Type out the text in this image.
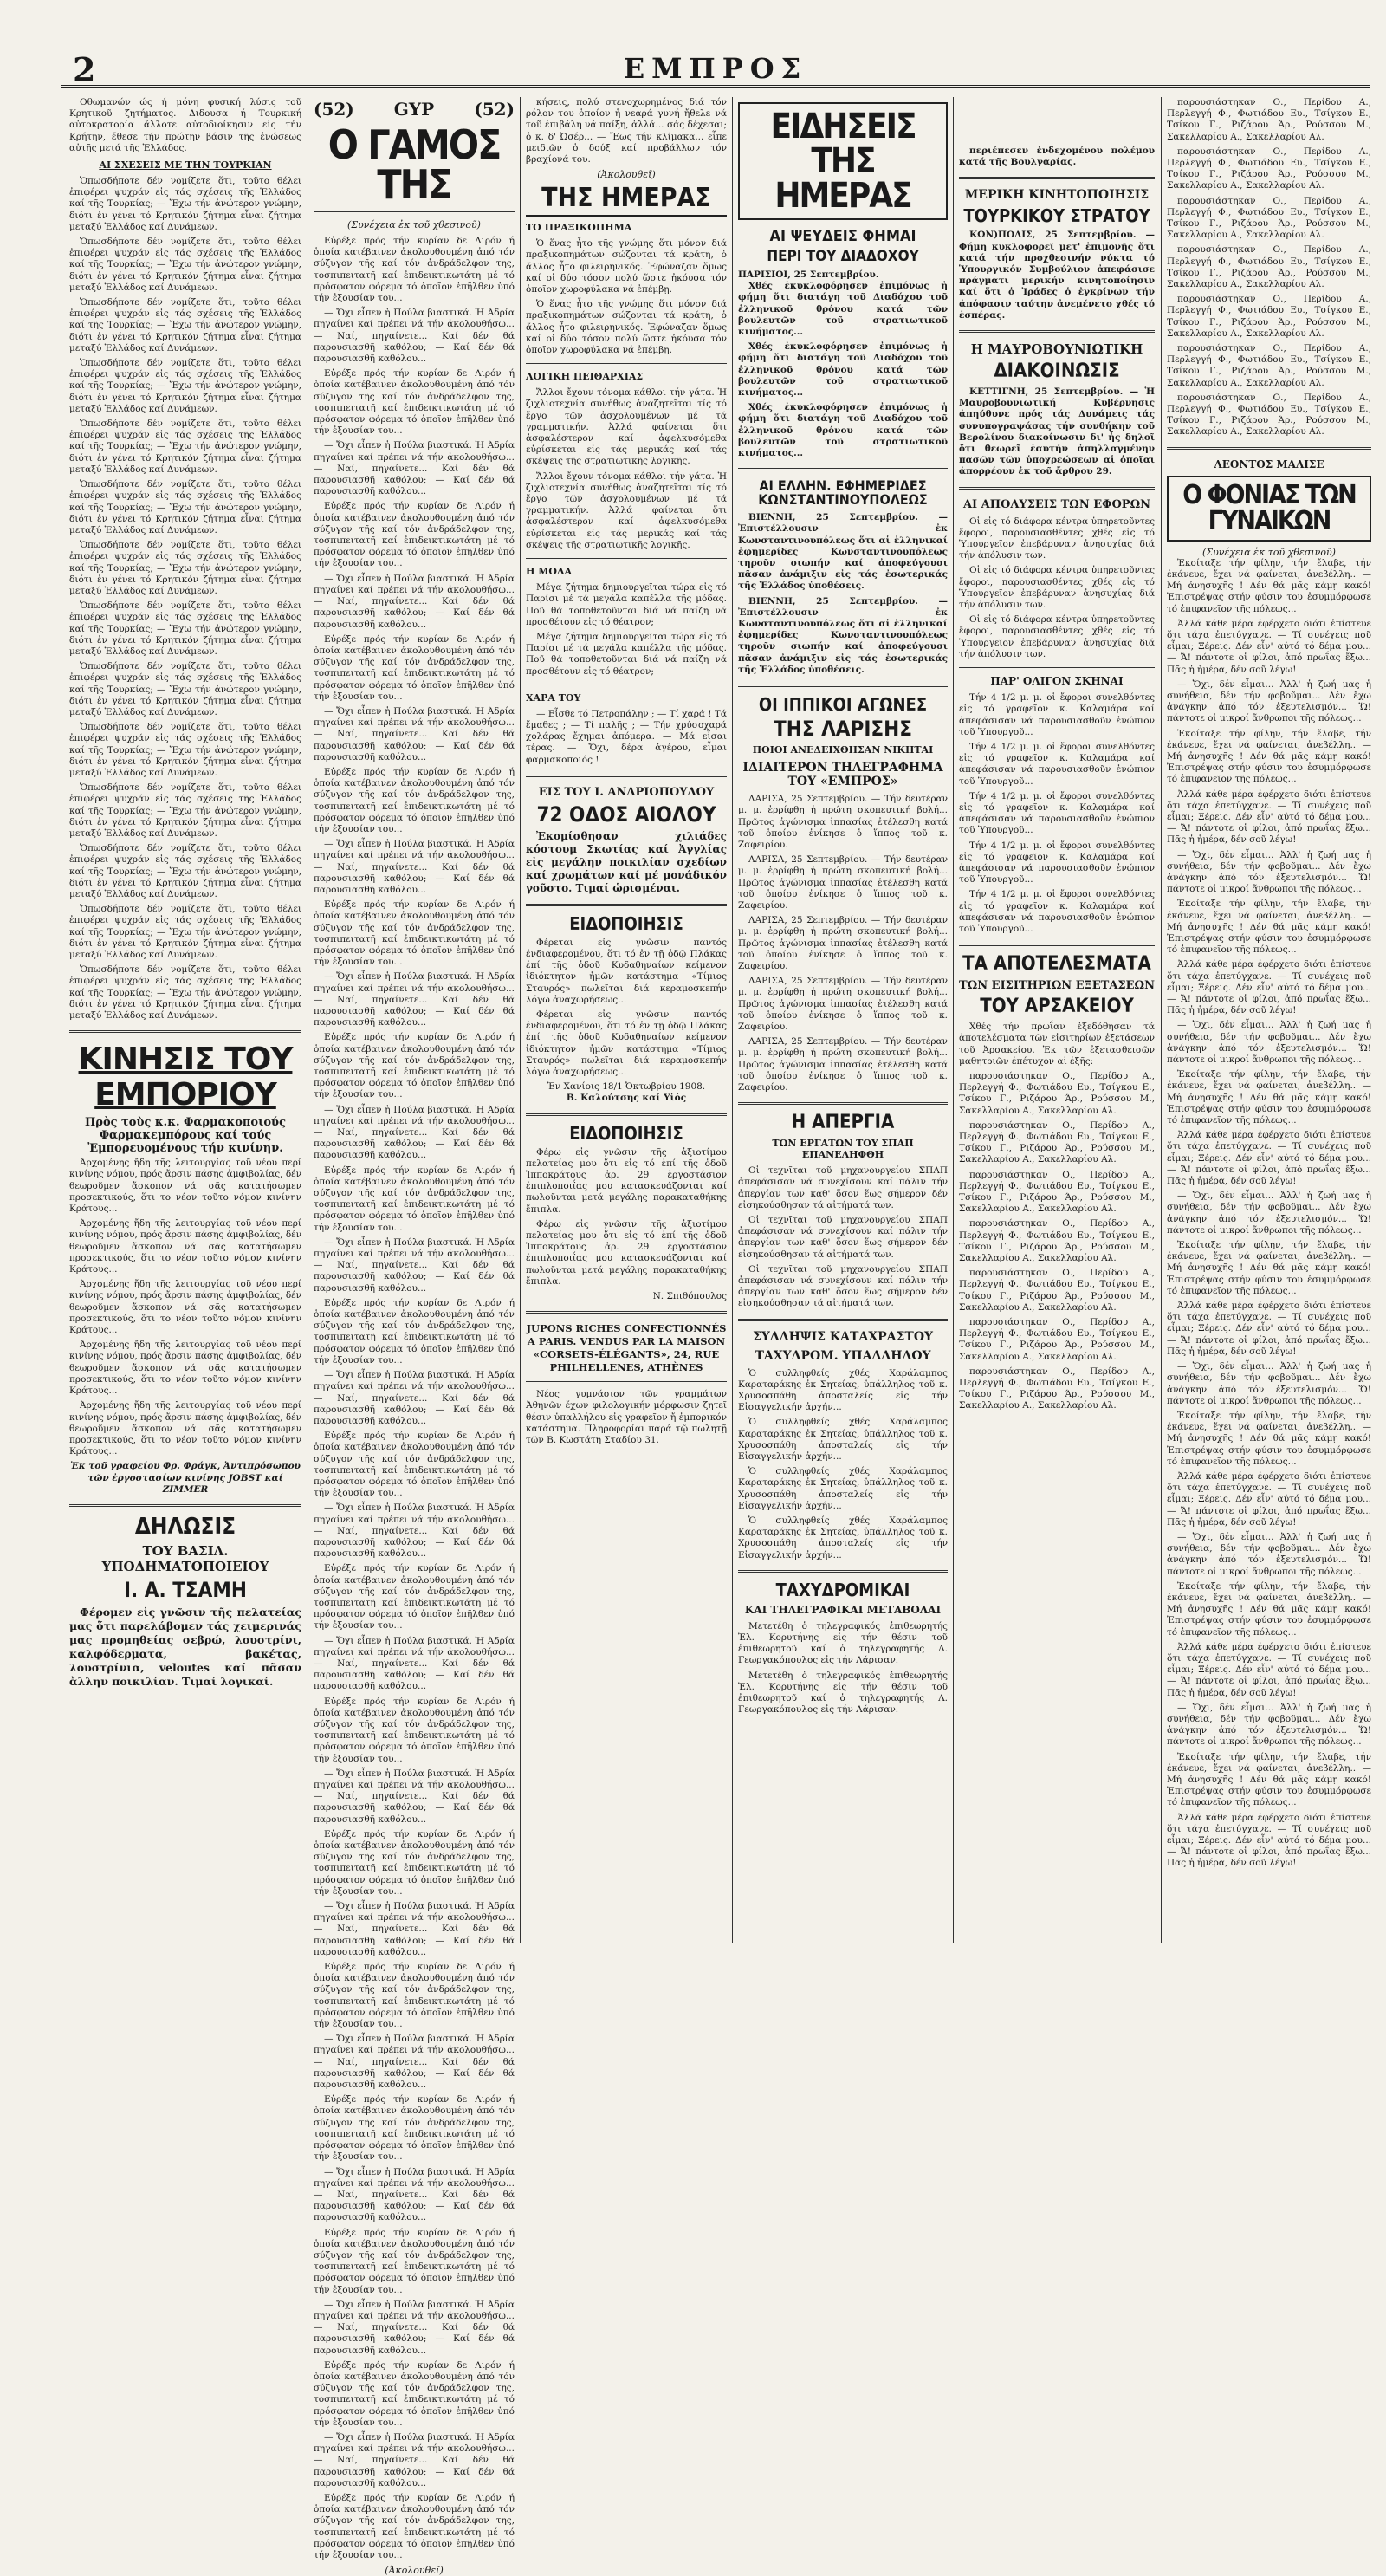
2	ΕΜΠΡΟΣ

Οθωμανών ώς ή μόνη φυσική λύσις τοῦ Κρητικοῦ ζητήματος. Διδουσα ή Τουρκική αὐτοκρατορία ἄλλοτε αὐτοδιοίκησιν εἰς τήν Κρήτην, ἔθεσε τήν πρώτην βάσιν τῆς ἑνώσεως αὐτῆς μετά τῆς Ἑλλάδος.

ΑΙ ΣΧΕΣΕΙΣ ΜΕ ΤΗΝ ΤΟΥΡΚΙΑΝ

Ὁπωσδήποτε δέν νομίζετε ὅτι, τοῦτο θέλει ἐπιφέρει ψυχράν εἰς τάς σχέσεις τῆς Ἑλλάδος καί τῆς Τουρκίας; — Ἔχω τήν ἀνώτερον γνώμην, διότι ἐν γένει τό Κρητικόν ζήτημα εἶναι ζήτημα μεταξύ Ἑλλάδος καί Δυνάμεων.

Ὁπωσδήποτε δέν νομίζετε ὅτι, τοῦτο θέλει ἐπιφέρει ψυχράν εἰς τάς σχέσεις τῆς Ἑλλάδος καί τῆς Τουρκίας; — Ἔχω τήν ἀνώτερον γνώμην, διότι ἐν γένει τό Κρητικόν ζήτημα εἶναι ζήτημα μεταξύ Ἑλλάδος καί Δυνάμεων.

Ὁπωσδήποτε δέν νομίζετε ὅτι, τοῦτο θέλει ἐπιφέρει ψυχράν εἰς τάς σχέσεις τῆς Ἑλλάδος καί τῆς Τουρκίας; — Ἔχω τήν ἀνώτερον γνώμην, διότι ἐν γένει τό Κρητικόν ζήτημα εἶναι ζήτημα μεταξύ Ἑλλάδος καί Δυνάμεων.

Ὁπωσδήποτε δέν νομίζετε ὅτι, τοῦτο θέλει ἐπιφέρει ψυχράν εἰς τάς σχέσεις τῆς Ἑλλάδος καί τῆς Τουρκίας; — Ἔχω τήν ἀνώτερον γνώμην, διότι ἐν γένει τό Κρητικόν ζήτημα εἶναι ζήτημα μεταξύ Ἑλλάδος καί Δυνάμεων.

Ὁπωσδήποτε δέν νομίζετε ὅτι, τοῦτο θέλει ἐπιφέρει ψυχράν εἰς τάς σχέσεις τῆς Ἑλλάδος καί τῆς Τουρκίας; — Ἔχω τήν ἀνώτερον γνώμην, διότι ἐν γένει τό Κρητικόν ζήτημα εἶναι ζήτημα μεταξύ Ἑλλάδος καί Δυνάμεων.

Ὁπωσδήποτε δέν νομίζετε ὅτι, τοῦτο θέλει ἐπιφέρει ψυχράν εἰς τάς σχέσεις τῆς Ἑλλάδος καί τῆς Τουρκίας; — Ἔχω τήν ἀνώτερον γνώμην, διότι ἐν γένει τό Κρητικόν ζήτημα εἶναι ζήτημα μεταξύ Ἑλλάδος καί Δυνάμεων.

Ὁπωσδήποτε δέν νομίζετε ὅτι, τοῦτο θέλει ἐπιφέρει ψυχράν εἰς τάς σχέσεις τῆς Ἑλλάδος καί τῆς Τουρκίας; — Ἔχω τήν ἀνώτερον γνώμην, διότι ἐν γένει τό Κρητικόν ζήτημα εἶναι ζήτημα μεταξύ Ἑλλάδος καί Δυνάμεων.

Ὁπωσδήποτε δέν νομίζετε ὅτι, τοῦτο θέλει ἐπιφέρει ψυχράν εἰς τάς σχέσεις τῆς Ἑλλάδος καί τῆς Τουρκίας; — Ἔχω τήν ἀνώτερον γνώμην, διότι ἐν γένει τό Κρητικόν ζήτημα εἶναι ζήτημα μεταξύ Ἑλλάδος καί Δυνάμεων.

Ὁπωσδήποτε δέν νομίζετε ὅτι, τοῦτο θέλει ἐπιφέρει ψυχράν εἰς τάς σχέσεις τῆς Ἑλλάδος καί τῆς Τουρκίας; — Ἔχω τήν ἀνώτερον γνώμην, διότι ἐν γένει τό Κρητικόν ζήτημα εἶναι ζήτημα μεταξύ Ἑλλάδος καί Δυνάμεων.

Ὁπωσδήποτε δέν νομίζετε ὅτι, τοῦτο θέλει ἐπιφέρει ψυχράν εἰς τάς σχέσεις τῆς Ἑλλάδος καί τῆς Τουρκίας; — Ἔχω τήν ἀνώτερον γνώμην, διότι ἐν γένει τό Κρητικόν ζήτημα εἶναι ζήτημα μεταξύ Ἑλλάδος καί Δυνάμεων.

Ὁπωσδήποτε δέν νομίζετε ὅτι, τοῦτο θέλει ἐπιφέρει ψυχράν εἰς τάς σχέσεις τῆς Ἑλλάδος καί τῆς Τουρκίας; — Ἔχω τήν ἀνώτερον γνώμην, διότι ἐν γένει τό Κρητικόν ζήτημα εἶναι ζήτημα μεταξύ Ἑλλάδος καί Δυνάμεων.

Ὁπωσδήποτε δέν νομίζετε ὅτι, τοῦτο θέλει ἐπιφέρει ψυχράν εἰς τάς σχέσεις τῆς Ἑλλάδος καί τῆς Τουρκίας; — Ἔχω τήν ἀνώτερον γνώμην, διότι ἐν γένει τό Κρητικόν ζήτημα εἶναι ζήτημα μεταξύ Ἑλλάδος καί Δυνάμεων.

Ὁπωσδήποτε δέν νομίζετε ὅτι, τοῦτο θέλει ἐπιφέρει ψυχράν εἰς τάς σχέσεις τῆς Ἑλλάδος καί τῆς Τουρκίας; — Ἔχω τήν ἀνώτερον γνώμην, διότι ἐν γένει τό Κρητικόν ζήτημα εἶναι ζήτημα μεταξύ Ἑλλάδος καί Δυνάμεων.

Ὁπωσδήποτε δέν νομίζετε ὅτι, τοῦτο θέλει ἐπιφέρει ψυχράν εἰς τάς σχέσεις τῆς Ἑλλάδος καί τῆς Τουρκίας; — Ἔχω τήν ἀνώτερον γνώμην, διότι ἐν γένει τό Κρητικόν ζήτημα εἶναι ζήτημα μεταξύ Ἑλλάδος καί Δυνάμεων.

ΚΙΝΗΣΙΣ ΤΟΥ ΕΜΠΟΡΙΟΥ
Πρὸς τοὺς κ.κ. Φαρμακοποιούς Φαρμακεμπόρους καί τούς Ἐμπορευομένους τήν κινίνην.

Ἀρχομένης ἤδη τῆς λειτουργίας τοῦ νέου περί κινίνης νόμου, πρός ἄρσιν πάσης ἀμφιβολίας, δέν θεωροῦμεν ἄσκοπον νά σᾶς κατατήσωμεν προσεκτικούς, ὅτι το νέον τοῦτο νόμον κινίνην Κράτους...

Ἀρχομένης ἤδη τῆς λειτουργίας τοῦ νέου περί κινίνης νόμου, πρός ἄρσιν πάσης ἀμφιβολίας, δέν θεωροῦμεν ἄσκοπον νά σᾶς κατατήσωμεν προσεκτικούς, ὅτι το νέον τοῦτο νόμον κινίνην Κράτους...

Ἀρχομένης ἤδη τῆς λειτουργίας τοῦ νέου περί κινίνης νόμου, πρός ἄρσιν πάσης ἀμφιβολίας, δέν θεωροῦμεν ἄσκοπον νά σᾶς κατατήσωμεν προσεκτικούς, ὅτι το νέον τοῦτο νόμον κινίνην Κράτους...

Ἀρχομένης ἤδη τῆς λειτουργίας τοῦ νέου περί κινίνης νόμου, πρός ἄρσιν πάσης ἀμφιβολίας, δέν θεωροῦμεν ἄσκοπον νά σᾶς κατατήσωμεν προσεκτικούς, ὅτι το νέον τοῦτο νόμον κινίνην Κράτους...

Ἀρχομένης ἤδη τῆς λειτουργίας τοῦ νέου περί κινίνης νόμου, πρός ἄρσιν πάσης ἀμφιβολίας, δέν θεωροῦμεν ἄσκοπον νά σᾶς κατατήσωμεν προσεκτικούς, ὅτι το νέον τοῦτο νόμον κινίνην Κράτους...

Ἐκ τοῦ γραφείου Φρ. Φράγκ, Ἀντιπρόσωπου τῶν ἐργοστασίων κινίνης JOBST καί ZIMMER
ΔΗΛΩΣΙΣ
ΤΟΥ ΒΑΣΙΛ. ΥΠΟΔΗΜΑΤΟΠΟΙΕΙΟΥ
Ι. Α. ΤΣΑΜΗ

Φέρομεν εἰς γνῶσιν τῆς πελατείας μας ὅτι παρελάβομεν τάς χειμερινάς μας προμηθείας σεβρώ, λουστρίνι, καλφόδερματα, βακέτας, λουστρίνια, veloutes καί πᾶσαν ἄλλην ποικιλίαν. Τιμαί λογικαί.

(52) GYP (52)
Ο ΓΑΜΟΣ ΤΗΣ
(Συνέχεια ἐκ τοῦ χθεσινοῦ)

Εὑρέξε πρός τήν κυρίαν δε Λιρόν ή ὁποία κατέβαινεν ἀκολουθουμένη ἀπό τόν σύζυγον τῆς καί τόν ἀνδράδελφον της, τοσπιπειτατῆ καί ἐπιδεικτικωτάτη μέ τό πρόσφατον φόρεμα τό ὁποῖον ἐπῆλθεν ὑπό τήν ἐξουσίαν του...

— Ὄχι εἶπεν ἡ Πούλα βιαστικά. Ἡ Ἀδρία πηγαίνει καί πρέπει νά τήν ἀκολουθήσω... — Ναί, πηγαίνετε... Καί δέν θά παρουσιασθῆ καθόλου; — Καί δέν θά παρουσιασθῆ καθόλου...

Εὑρέξε πρός τήν κυρίαν δε Λιρόν ή ὁποία κατέβαινεν ἀκολουθουμένη ἀπό τόν σύζυγον τῆς καί τόν ἀνδράδελφον της, τοσπιπειτατῆ καί ἐπιδεικτικωτάτη μέ τό πρόσφατον φόρεμα τό ὁποῖον ἐπῆλθεν ὑπό τήν ἐξουσίαν του...

— Ὄχι εἶπεν ἡ Πούλα βιαστικά. Ἡ Ἀδρία πηγαίνει καί πρέπει νά τήν ἀκολουθήσω... — Ναί, πηγαίνετε... Καί δέν θά παρουσιασθῆ καθόλου; — Καί δέν θά παρουσιασθῆ καθόλου...

Εὑρέξε πρός τήν κυρίαν δε Λιρόν ή ὁποία κατέβαινεν ἀκολουθουμένη ἀπό τόν σύζυγον τῆς καί τόν ἀνδράδελφον της, τοσπιπειτατῆ καί ἐπιδεικτικωτάτη μέ τό πρόσφατον φόρεμα τό ὁποῖον ἐπῆλθεν ὑπό τήν ἐξουσίαν του...

— Ὄχι εἶπεν ἡ Πούλα βιαστικά. Ἡ Ἀδρία πηγαίνει καί πρέπει νά τήν ἀκολουθήσω... — Ναί, πηγαίνετε... Καί δέν θά παρουσιασθῆ καθόλου; — Καί δέν θά παρουσιασθῆ καθόλου...

Εὑρέξε πρός τήν κυρίαν δε Λιρόν ή ὁποία κατέβαινεν ἀκολουθουμένη ἀπό τόν σύζυγον τῆς καί τόν ἀνδράδελφον της, τοσπιπειτατῆ καί ἐπιδεικτικωτάτη μέ τό πρόσφατον φόρεμα τό ὁποῖον ἐπῆλθεν ὑπό τήν ἐξουσίαν του...

— Ὄχι εἶπεν ἡ Πούλα βιαστικά. Ἡ Ἀδρία πηγαίνει καί πρέπει νά τήν ἀκολουθήσω... — Ναί, πηγαίνετε... Καί δέν θά παρουσιασθῆ καθόλου; — Καί δέν θά παρουσιασθῆ καθόλου...

Εὑρέξε πρός τήν κυρίαν δε Λιρόν ή ὁποία κατέβαινεν ἀκολουθουμένη ἀπό τόν σύζυγον τῆς καί τόν ἀνδράδελφον της, τοσπιπειτατῆ καί ἐπιδεικτικωτάτη μέ τό πρόσφατον φόρεμα τό ὁποῖον ἐπῆλθεν ὑπό τήν ἐξουσίαν του...

— Ὄχι εἶπεν ἡ Πούλα βιαστικά. Ἡ Ἀδρία πηγαίνει καί πρέπει νά τήν ἀκολουθήσω... — Ναί, πηγαίνετε... Καί δέν θά παρουσιασθῆ καθόλου; — Καί δέν θά παρουσιασθῆ καθόλου...

Εὑρέξε πρός τήν κυρίαν δε Λιρόν ή ὁποία κατέβαινεν ἀκολουθουμένη ἀπό τόν σύζυγον τῆς καί τόν ἀνδράδελφον της, τοσπιπειτατῆ καί ἐπιδεικτικωτάτη μέ τό πρόσφατον φόρεμα τό ὁποῖον ἐπῆλθεν ὑπό τήν ἐξουσίαν του...

— Ὄχι εἶπεν ἡ Πούλα βιαστικά. Ἡ Ἀδρία πηγαίνει καί πρέπει νά τήν ἀκολουθήσω... — Ναί, πηγαίνετε... Καί δέν θά παρουσιασθῆ καθόλου; — Καί δέν θά παρουσιασθῆ καθόλου...

Εὑρέξε πρός τήν κυρίαν δε Λιρόν ή ὁποία κατέβαινεν ἀκολουθουμένη ἀπό τόν σύζυγον τῆς καί τόν ἀνδράδελφον της, τοσπιπειτατῆ καί ἐπιδεικτικωτάτη μέ τό πρόσφατον φόρεμα τό ὁποῖον ἐπῆλθεν ὑπό τήν ἐξουσίαν του...

— Ὄχι εἶπεν ἡ Πούλα βιαστικά. Ἡ Ἀδρία πηγαίνει καί πρέπει νά τήν ἀκολουθήσω... — Ναί, πηγαίνετε... Καί δέν θά παρουσιασθῆ καθόλου; — Καί δέν θά παρουσιασθῆ καθόλου...

Εὑρέξε πρός τήν κυρίαν δε Λιρόν ή ὁποία κατέβαινεν ἀκολουθουμένη ἀπό τόν σύζυγον τῆς καί τόν ἀνδράδελφον της, τοσπιπειτατῆ καί ἐπιδεικτικωτάτη μέ τό πρόσφατον φόρεμα τό ὁποῖον ἐπῆλθεν ὑπό τήν ἐξουσίαν του...

— Ὄχι εἶπεν ἡ Πούλα βιαστικά. Ἡ Ἀδρία πηγαίνει καί πρέπει νά τήν ἀκολουθήσω... — Ναί, πηγαίνετε... Καί δέν θά παρουσιασθῆ καθόλου; — Καί δέν θά παρουσιασθῆ καθόλου...

Εὑρέξε πρός τήν κυρίαν δε Λιρόν ή ὁποία κατέβαινεν ἀκολουθουμένη ἀπό τόν σύζυγον τῆς καί τόν ἀνδράδελφον της, τοσπιπειτατῆ καί ἐπιδεικτικωτάτη μέ τό πρόσφατον φόρεμα τό ὁποῖον ἐπῆλθεν ὑπό τήν ἐξουσίαν του...

— Ὄχι εἶπεν ἡ Πούλα βιαστικά. Ἡ Ἀδρία πηγαίνει καί πρέπει νά τήν ἀκολουθήσω... — Ναί, πηγαίνετε... Καί δέν θά παρουσιασθῆ καθόλου; — Καί δέν θά παρουσιασθῆ καθόλου...

Εὑρέξε πρός τήν κυρίαν δε Λιρόν ή ὁποία κατέβαινεν ἀκολουθουμένη ἀπό τόν σύζυγον τῆς καί τόν ἀνδράδελφον της, τοσπιπειτατῆ καί ἐπιδεικτικωτάτη μέ τό πρόσφατον φόρεμα τό ὁποῖον ἐπῆλθεν ὑπό τήν ἐξουσίαν του...

— Ὄχι εἶπεν ἡ Πούλα βιαστικά. Ἡ Ἀδρία πηγαίνει καί πρέπει νά τήν ἀκολουθήσω... — Ναί, πηγαίνετε... Καί δέν θά παρουσιασθῆ καθόλου; — Καί δέν θά παρουσιασθῆ καθόλου...

Εὑρέξε πρός τήν κυρίαν δε Λιρόν ή ὁποία κατέβαινεν ἀκολουθουμένη ἀπό τόν σύζυγον τῆς καί τόν ἀνδράδελφον της, τοσπιπειτατῆ καί ἐπιδεικτικωτάτη μέ τό πρόσφατον φόρεμα τό ὁποῖον ἐπῆλθεν ὑπό τήν ἐξουσίαν του...

— Ὄχι εἶπεν ἡ Πούλα βιαστικά. Ἡ Ἀδρία πηγαίνει καί πρέπει νά τήν ἀκολουθήσω... — Ναί, πηγαίνετε... Καί δέν θά παρουσιασθῆ καθόλου; — Καί δέν θά παρουσιασθῆ καθόλου...

Εὑρέξε πρός τήν κυρίαν δε Λιρόν ή ὁποία κατέβαινεν ἀκολουθουμένη ἀπό τόν σύζυγον τῆς καί τόν ἀνδράδελφον της, τοσπιπειτατῆ καί ἐπιδεικτικωτάτη μέ τό πρόσφατον φόρεμα τό ὁποῖον ἐπῆλθεν ὑπό τήν ἐξουσίαν του...

— Ὄχι εἶπεν ἡ Πούλα βιαστικά. Ἡ Ἀδρία πηγαίνει καί πρέπει νά τήν ἀκολουθήσω... — Ναί, πηγαίνετε... Καί δέν θά παρουσιασθῆ καθόλου; — Καί δέν θά παρουσιασθῆ καθόλου...

Εὑρέξε πρός τήν κυρίαν δε Λιρόν ή ὁποία κατέβαινεν ἀκολουθουμένη ἀπό τόν σύζυγον τῆς καί τόν ἀνδράδελφον της, τοσπιπειτατῆ καί ἐπιδεικτικωτάτη μέ τό πρόσφατον φόρεμα τό ὁποῖον ἐπῆλθεν ὑπό τήν ἐξουσίαν του...

— Ὄχι εἶπεν ἡ Πούλα βιαστικά. Ἡ Ἀδρία πηγαίνει καί πρέπει νά τήν ἀκολουθήσω... — Ναί, πηγαίνετε... Καί δέν θά παρουσιασθῆ καθόλου; — Καί δέν θά παρουσιασθῆ καθόλου...

Εὑρέξε πρός τήν κυρίαν δε Λιρόν ή ὁποία κατέβαινεν ἀκολουθουμένη ἀπό τόν σύζυγον τῆς καί τόν ἀνδράδελφον της, τοσπιπειτατῆ καί ἐπιδεικτικωτάτη μέ τό πρόσφατον φόρεμα τό ὁποῖον ἐπῆλθεν ὑπό τήν ἐξουσίαν του...

— Ὄχι εἶπεν ἡ Πούλα βιαστικά. Ἡ Ἀδρία πηγαίνει καί πρέπει νά τήν ἀκολουθήσω... — Ναί, πηγαίνετε... Καί δέν θά παρουσιασθῆ καθόλου; — Καί δέν θά παρουσιασθῆ καθόλου...

Εὑρέξε πρός τήν κυρίαν δε Λιρόν ή ὁποία κατέβαινεν ἀκολουθουμένη ἀπό τόν σύζυγον τῆς καί τόν ἀνδράδελφον της, τοσπιπειτατῆ καί ἐπιδεικτικωτάτη μέ τό πρόσφατον φόρεμα τό ὁποῖον ἐπῆλθεν ὑπό τήν ἐξουσίαν του...

— Ὄχι εἶπεν ἡ Πούλα βιαστικά. Ἡ Ἀδρία πηγαίνει καί πρέπει νά τήν ἀκολουθήσω... — Ναί, πηγαίνετε... Καί δέν θά παρουσιασθῆ καθόλου; — Καί δέν θά παρουσιασθῆ καθόλου...

Εὑρέξε πρός τήν κυρίαν δε Λιρόν ή ὁποία κατέβαινεν ἀκολουθουμένη ἀπό τόν σύζυγον τῆς καί τόν ἀνδράδελφον της, τοσπιπειτατῆ καί ἐπιδεικτικωτάτη μέ τό πρόσφατον φόρεμα τό ὁποῖον ἐπῆλθεν ὑπό τήν ἐξουσίαν του...

— Ὄχι εἶπεν ἡ Πούλα βιαστικά. Ἡ Ἀδρία πηγαίνει καί πρέπει νά τήν ἀκολουθήσω... — Ναί, πηγαίνετε... Καί δέν θά παρουσιασθῆ καθόλου; — Καί δέν θά παρουσιασθῆ καθόλου...

Εὑρέξε πρός τήν κυρίαν δε Λιρόν ή ὁποία κατέβαινεν ἀκολουθουμένη ἀπό τόν σύζυγον τῆς καί τόν ἀνδράδελφον της, τοσπιπειτατῆ καί ἐπιδεικτικωτάτη μέ τό πρόσφατον φόρεμα τό ὁποῖον ἐπῆλθεν ὑπό τήν ἐξουσίαν του...

— Ὄχι εἶπεν ἡ Πούλα βιαστικά. Ἡ Ἀδρία πηγαίνει καί πρέπει νά τήν ἀκολουθήσω... — Ναί, πηγαίνετε... Καί δέν θά παρουσιασθῆ καθόλου; — Καί δέν θά παρουσιασθῆ καθόλου...

Εὑρέξε πρός τήν κυρίαν δε Λιρόν ή ὁποία κατέβαινεν ἀκολουθουμένη ἀπό τόν σύζυγον τῆς καί τόν ἀνδράδελφον της, τοσπιπειτατῆ καί ἐπιδεικτικωτάτη μέ τό πρόσφατον φόρεμα τό ὁποῖον ἐπῆλθεν ὑπό τήν ἐξουσίαν του...

(Ἀκολουθεῖ)

κήσεις, πολύ στενοχωρημένος διά τόν ρόλον του ὁποίον ἡ νεαρά γυνή ἤθελε νά τοῦ ἐπιβάλη νά παίξη, ἀλλά... σάς δέχεσαι; ὁ κ. δ' Ὠσέρ... — Ἕως τήν κλίμακα... εἶπε μειδιῶν ὁ δούξ καί προβάλλων τόν βραχίονά του.

(Ἀκολουθεῖ)
ΤΗΣ ΗΜΕΡΑΣ
ΤΟ ΠΡΑΞΙΚΟΠΗΜΑ

Ὁ ἕνας ἦτο τῆς γνώμης ὅτι μόνον διά πραξικοπημάτων σώζονται τά κράτη, ὁ ἄλλος ἦτο φιλειρηνικός. Ἐφώναζαν ὅμως καί οἱ δύο τόσον πολύ ὥστε ἠκόυσα τόν ὁποῖον χωροφύλακα νά ἐπέμβῃ.

Ὁ ἕνας ἦτο τῆς γνώμης ὅτι μόνον διά πραξικοπημάτων σώζονται τά κράτη, ὁ ἄλλος ἦτο φιλειρηνικός. Ἐφώναζαν ὅμως καί οἱ δύο τόσον πολύ ὥστε ἠκόυσα τόν ὁποῖον χωροφύλακα νά ἐπέμβῃ.

ΛΟΓΙΚΗ ΠΕΙΘΑΡΧΙΑΣ

Ἄλλοι ἔχουν τόνομα κάθλοι τήν γάτα. Ἡ ζιχλιοτεχνία συνήθως ἀναζητεῖται τίς τό ἔργο τῶν ἀσχολουμένων μέ τά γραμματικήν. Ἀλλά φαίνεται ὅτι ἀσφαλέστερον καί ἀφελκυσόμεθα εὑρίσκεται εἰς τάς μερικάς καί τάς σκέψεις τῆς στρατιωτικῆς λογικῆς.

Ἄλλοι ἔχουν τόνομα κάθλοι τήν γάτα. Ἡ ζιχλιοτεχνία συνήθως ἀναζητεῖται τίς τό ἔργο τῶν ἀσχολουμένων μέ τά γραμματικήν. Ἀλλά φαίνεται ὅτι ἀσφαλέστερον καί ἀφελκυσόμεθα εὑρίσκεται εἰς τάς μερικάς καί τάς σκέψεις τῆς στρατιωτικῆς λογικῆς.

Η ΜΟΔΑ

Μέγα ζήτημα δημιουργεῖται τώρα εἰς τό Παρίσι μέ τά μεγάλα καπέλλα τῆς μόδας. Ποῦ θά τοποθετοῦνται διά νά παίζη νά προσθέτουν εἰς τό θέατρον;

Μέγα ζήτημα δημιουργεῖται τώρα εἰς τό Παρίσι μέ τά μεγάλα καπέλλα τῆς μόδας. Ποῦ θά τοποθετοῦνται διά νά παίζη νά προσθέτουν εἰς τό θέατρον;

ΧΑΡΑ ΤΟΥ

— Εἶσθε τό Πετροπάλην ; — Τί χαρά ! Τά ἔμαθες ; — Τί παλῆς ; — Τήν χρύσοχαρά χολάρας ἔχημαι ἀπόμερα. — Μά εἶσαι τέρας. — Ὄχι, δέρα ἀγέρου, εἶμαι φαρμακοποιός !

ΕΙΣ ΤΟΥ Ι. ΑΝΔΡΙΟΠΟΥΛΟΥ
72 ΟΔΟΣ ΑΙΟΛΟΥ

Ἐκομίσθησαν χιλιάδες κόστουμ Σκωτίας καί Ἀγγλίας εἰς μεγάλην ποικιλίαν σχεδίων καί χρωμάτων καί μέ μονάδικόν γοῦστο. Τιμαί ὡρισμέναι.

ΕΙΔΟΠΟΙΗΣΙΣ

Φέρεται εἰς γνῶσιν παντός ἐνδιαφερομένου, ὅτι τό ἐν τῇ ὁδῷ Πλάκας ἐπί τῆς ὁδοῦ Κυδαθηναίων κείμενον ἰδιόκτητον ἡμῶν κατάστημα «Τίμιος Σταυρός» πωλεῖται διά κεραμοσκεπήν λόγω ἀναχωρήσεως...

Φέρεται εἰς γνῶσιν παντός ἐνδιαφερομένου, ὅτι τό ἐν τῇ ὁδῷ Πλάκας ἐπί τῆς ὁδοῦ Κυδαθηναίων κείμενον ἰδιόκτητον ἡμῶν κατάστημα «Τίμιος Σταυρός» πωλεῖται διά κεραμοσκεπήν λόγω ἀναχωρήσεως...

Ἐν Χανίοις 18/1 Ὀκτωβρίου 1908.
Β. Καλούτσης καί Υἱός
ΕΙΔΟΠΟΙΗΣΙΣ

Φέρω εἰς γνῶσιν τῆς ἀξιοτίμου πελατείας μου ὅτι εἰς τό ἐπί τῆς ὁδοῦ Ἱπποκράτους ἀρ. 29 ἐργοστάσιον ἐπιπλοποιΐας μου κατασκευάζονται καί πωλοῦνται μετά μεγάλης παρακαταθήκης ἔπιπλα.

Φέρω εἰς γνῶσιν τῆς ἀξιοτίμου πελατείας μου ὅτι εἰς τό ἐπί τῆς ὁδοῦ Ἱπποκράτους ἀρ. 29 ἐργοστάσιον ἐπιπλοποιΐας μου κατασκευάζονται καί πωλοῦνται μετά μεγάλης παρακαταθήκης ἔπιπλα.

Ν. Σπιθόπουλος
JUPONS RICHES CONFECTIONNÉS A PARIS. VENDUS PAR LA MAISON «CORSETS-ÉLÉGANTS», 24, RUE PHILHELLENES, ATHÈNES

Νέος γυμνάσιον τῶν γραμμάτων Ἀθηνῶν ἔχων φιλολογικήν μόρφωσιν ζητεῖ θέσιν ὑπαλλήλου εἰς γραφεῖον ἤ ἐμπορικόν κατάστημα. Πληροφορίαι παρά τῷ πωλητῇ τῶν Β. Κωστάτη Σταδίου 31.

ΕΙΔΗΣΕΙΣ ΤΗΣ ΗΜΕΡΑΣ
ΑΙ ΨΕΥΔΕΙΣ ΦΗΜΑΙ
ΠΕΡΙ ΤΟΥ ΔΙΑΔΟΧΟΥ
ΠΑΡΙΣΙΟΙ, 25 Σεπτεμβρίου.

Χθές ἐκυκλοφόρησεν ἐπιμόνως ἡ φήμη ὅτι διατάγη τοῦ Διαδόχου τοῦ ἑλληνικοῦ θρόνου κατά τῶν βουλευτῶν τοῦ στρατιωτικοῦ κινήματος...

Χθές ἐκυκλοφόρησεν ἐπιμόνως ἡ φήμη ὅτι διατάγη τοῦ Διαδόχου τοῦ ἑλληνικοῦ θρόνου κατά τῶν βουλευτῶν τοῦ στρατιωτικοῦ κινήματος...

Χθές ἐκυκλοφόρησεν ἐπιμόνως ἡ φήμη ὅτι διατάγη τοῦ Διαδόχου τοῦ ἑλληνικοῦ θρόνου κατά τῶν βουλευτῶν τοῦ στρατιωτικοῦ κινήματος...

ΑΙ ΕΛΛΗΝ. ΕΦΗΜΕΡΙΔΕΣ ΚΩΝΣΤΑΝΤΙΝΟΥΠΟΛΕΩΣ

ΒΙΕΝΝΗ, 25 Σεπτεμβρίου. — Ἐπιστέλλουσιν ἐκ Κωνσταντινουπόλεως ὅτι αἱ ἐλληνικαί ἐφημερίδες Κωνσταντινουπόλεως τηροῦν σιωπήν καί ἀποφεύγουσι πᾶσαν ἀνάμιξιν εἰς τάς ἐσωτερικάς τῆς Ἑλλάδος ὑποθέσεις.

ΒΙΕΝΝΗ, 25 Σεπτεμβρίου. — Ἐπιστέλλουσιν ἐκ Κωνσταντινουπόλεως ὅτι αἱ ἐλληνικαί ἐφημερίδες Κωνσταντινουπόλεως τηροῦν σιωπήν καί ἀποφεύγουσι πᾶσαν ἀνάμιξιν εἰς τάς ἐσωτερικάς τῆς Ἑλλάδος ὑποθέσεις.

ΟΙ ΙΠΠΙΚΟΙ ΑΓΩΝΕΣ
ΤΗΣ ΛΑΡΙΣΗΣ
ΠΟΙΟΙ ΑΝΕΔΕΙΧΘΗΣΑΝ ΝΙΚΗΤΑΙ
ΙΔΙΑΙΤΕΡΟΝ ΤΗΛΕΓΡΑΦΗΜΑ ΤΟΥ «ΕΜΠΡΟΣ»

ΛΑΡΙΣΑ, 25 Σεπτεμβρίου. — Τήν δευτέραν μ. μ. ἐρρίφθη ἡ πρώτη σκοπευτική βολή... Πρῶτος ἀγώνισμα ἱππασίας ἐτέλεσθη κατά τοῦ ὁποίου ἐνίκησε ὁ ἵππος τοῦ κ. Ζαφειρίου.

ΛΑΡΙΣΑ, 25 Σεπτεμβρίου. — Τήν δευτέραν μ. μ. ἐρρίφθη ἡ πρώτη σκοπευτική βολή... Πρῶτος ἀγώνισμα ἱππασίας ἐτέλεσθη κατά τοῦ ὁποίου ἐνίκησε ὁ ἵππος τοῦ κ. Ζαφειρίου.

ΛΑΡΙΣΑ, 25 Σεπτεμβρίου. — Τήν δευτέραν μ. μ. ἐρρίφθη ἡ πρώτη σκοπευτική βολή... Πρῶτος ἀγώνισμα ἱππασίας ἐτέλεσθη κατά τοῦ ὁποίου ἐνίκησε ὁ ἵππος τοῦ κ. Ζαφειρίου.

ΛΑΡΙΣΑ, 25 Σεπτεμβρίου. — Τήν δευτέραν μ. μ. ἐρρίφθη ἡ πρώτη σκοπευτική βολή... Πρῶτος ἀγώνισμα ἱππασίας ἐτέλεσθη κατά τοῦ ὁποίου ἐνίκησε ὁ ἵππος τοῦ κ. Ζαφειρίου.

ΛΑΡΙΣΑ, 25 Σεπτεμβρίου. — Τήν δευτέραν μ. μ. ἐρρίφθη ἡ πρώτη σκοπευτική βολή... Πρῶτος ἀγώνισμα ἱππασίας ἐτέλεσθη κατά τοῦ ὁποίου ἐνίκησε ὁ ἵππος τοῦ κ. Ζαφειρίου.

Η ΑΠΕΡΓΙΑ
ΤΩΝ ΕΡΓΑΤΩΝ ΤΟΥ ΣΠΑΠ ΕΠΑΝΕΛΗΦΘΗ

Οἱ τεχνῖται τοῦ μηχανουργείου ΣΠΑΠ ἀπεφάσισαν νά συνεχίσουν καί πάλιν τήν ἀπεργίαν των καθ' ὅσον ἕως σήμερον δέν εἰσηκούσθησαν τά αἰτήματά των.

Οἱ τεχνῖται τοῦ μηχανουργείου ΣΠΑΠ ἀπεφάσισαν νά συνεχίσουν καί πάλιν τήν ἀπεργίαν των καθ' ὅσον ἕως σήμερον δέν εἰσηκούσθησαν τά αἰτήματά των.

Οἱ τεχνῖται τοῦ μηχανουργείου ΣΠΑΠ ἀπεφάσισαν νά συνεχίσουν καί πάλιν τήν ἀπεργίαν των καθ' ὅσον ἕως σήμερον δέν εἰσηκούσθησαν τά αἰτήματά των.

ΣΥΛΛΗΨΙΣ ΚΑΤΑΧΡΑΣΤΟΥ
ΤΑΧΥΔΡΟΜ. ΥΠΑΛΛΗΛΟΥ

Ὁ συλληφθείς χθές Χαράλαμπος Καραταράκης ἐκ Σητείας, ὑπάλληλος τοῦ κ. Χρυσοσπάθη ἀποσταλείς εἰς τήν Εἰσαγγελικήν ἀρχήν...

Ὁ συλληφθείς χθές Χαράλαμπος Καραταράκης ἐκ Σητείας, ὑπάλληλος τοῦ κ. Χρυσοσπάθη ἀποσταλείς εἰς τήν Εἰσαγγελικήν ἀρχήν...

Ὁ συλληφθείς χθές Χαράλαμπος Καραταράκης ἐκ Σητείας, ὑπάλληλος τοῦ κ. Χρυσοσπάθη ἀποσταλείς εἰς τήν Εἰσαγγελικήν ἀρχήν...

Ὁ συλληφθείς χθές Χαράλαμπος Καραταράκης ἐκ Σητείας, ὑπάλληλος τοῦ κ. Χρυσοσπάθη ἀποσταλείς εἰς τήν Εἰσαγγελικήν ἀρχήν...

ΤΑΧΥΔΡΟΜΙΚΑΙ
ΚΑΙ ΤΗΛΕΓΡΑΦΙΚΑΙ ΜΕΤΑΒΟΛΑΙ

Μετετέθη ὁ τηλεγραφικός ἐπιθεωρητής Ἐλ. Κορυτήνης εἰς τήν θέσιν τοῦ ἐπιθεωρητοῦ καί ὁ τηλεγραφητής Λ. Γεωργακόπουλος εἰς τήν Λάρισαν.

Μετετέθη ὁ τηλεγραφικός ἐπιθεωρητής Ἐλ. Κορυτήνης εἰς τήν θέσιν τοῦ ἐπιθεωρητοῦ καί ὁ τηλεγραφητής Λ. Γεωργακόπουλος εἰς τήν Λάρισαν.

περιέπεσεν ἐνδεχομένου πολέμου κατά τῆς Βουλγαρίας.

ΜΕΡΙΚΗ ΚΙΝΗΤΟΠΟΙΗΣΙΣ
ΤΟΥΡΚΙΚΟΥ ΣΤΡΑΤΟΥ

ΚΩΝ)ΠΟΛΙΣ, 25 Σεπτεμβρίου. — Φήμη κυκλοφορεῖ μετ' ἐπιμονῆς ὅτι κατά τήν προχθεσινήν νύκτα τό Ὑπουργικόν Συμβούλιον ἀπεφάσισε πράγματι μερικήν κινητοποίησιν καί ὅτι ὁ Ἰράδες ὁ ἐγκρίνων τήν ἀπόφασιν ταύτην ἀνεμένετο χθές τό ἑσπέρας.

Η ΜΑΥΡΟΒΟΥΝΙΩΤΙΚΗ
ΔΙΑΚΟΙΝΩΣΙΣ

ΚΕΤΤΙΓΝΗ, 25 Σεπτεμβρίου. — Ἡ Μαυροβουνιωτική Κυβέρνησις ἀπηύθυνε πρός τάς Δυνάμεις τάς συνυπογραψάσας τήν συνθήκην τοῦ Βερολίνου διακοίνωσιν δι' ἧς δηλοῖ ὅτι θεωρεῖ ἑαυτήν ἀπηλλαγμένην πασῶν τῶν ὑποχρεώσεων αἱ ὁποῖαι ἀπορρέουν ἐκ τοῦ ἄρθρου 29.

ΑΙ ΑΠΟΛΥΣΕΙΣ ΤΩΝ ΕΦΟΡΩΝ

Οἱ εἰς τό διάφορα κέντρα ὑπηρετοῦντες ἔφοροι, παρουσιασθέντες χθές εἰς τό Ὑπουργεῖον ἐπεβάρυναν ἀνησυχίας διά τήν ἀπόλυσιν των.

Οἱ εἰς τό διάφορα κέντρα ὑπηρετοῦντες ἔφοροι, παρουσιασθέντες χθές εἰς τό Ὑπουργεῖον ἐπεβάρυναν ἀνησυχίας διά τήν ἀπόλυσιν των.

Οἱ εἰς τό διάφορα κέντρα ὑπηρετοῦντες ἔφοροι, παρουσιασθέντες χθές εἰς τό Ὑπουργεῖον ἐπεβάρυναν ἀνησυχίας διά τήν ἀπόλυσιν των.

ΠΑΡ' ΟΛΙΓΟΝ ΣΚΗΝΑΙ

Τήν 4 1/2 μ. μ. οἱ ἔφοροι συνελθόντες εἰς τό γραφεῖον κ. Καλαμάρα καί ἀπεφάσισαν νά παρουσιασθοῦν ἐνώπιον τοῦ Ὑπουργοῦ...

Τήν 4 1/2 μ. μ. οἱ ἔφοροι συνελθόντες εἰς τό γραφεῖον κ. Καλαμάρα καί ἀπεφάσισαν νά παρουσιασθοῦν ἐνώπιον τοῦ Ὑπουργοῦ...

Τήν 4 1/2 μ. μ. οἱ ἔφοροι συνελθόντες εἰς τό γραφεῖον κ. Καλαμάρα καί ἀπεφάσισαν νά παρουσιασθοῦν ἐνώπιον τοῦ Ὑπουργοῦ...

Τήν 4 1/2 μ. μ. οἱ ἔφοροι συνελθόντες εἰς τό γραφεῖον κ. Καλαμάρα καί ἀπεφάσισαν νά παρουσιασθοῦν ἐνώπιον τοῦ Ὑπουργοῦ...

Τήν 4 1/2 μ. μ. οἱ ἔφοροι συνελθόντες εἰς τό γραφεῖον κ. Καλαμάρα καί ἀπεφάσισαν νά παρουσιασθοῦν ἐνώπιον τοῦ Ὑπουργοῦ...

ΤΑ ΑΠΟΤΕΛΕΣΜΑΤΑ
ΤΩΝ ΕΙΣΙΤΗΡΙΩΝ ΕΞΕΤΑΣΕΩΝ
ΤΟΥ ΑΡΣΑΚΕΙΟΥ

Χθές τήν πρωΐαν ἐξεδόθησαν τά ἀποτελέσματα τῶν εἰσιτηρίων ἐξετάσεων τοῦ Ἀρσακείου. Ἐκ τῶν ἐξετασθεισῶν μαθητριῶν ἐπέτυχον αἱ ἑξῆς:

παρουσιάστηκαν Ο., Περίδου Α., Περλεγγή Φ., Φωτιάδου Ευ., Τσίγκου Ε., Τσίκου Γ., Ριζάρου Άρ., Ρούσσου Μ., Σακελλαρίου Α., Σακελλαρίου Αλ.

παρουσιάστηκαν Ο., Περίδου Α., Περλεγγή Φ., Φωτιάδου Ευ., Τσίγκου Ε., Τσίκου Γ., Ριζάρου Άρ., Ρούσσου Μ., Σακελλαρίου Α., Σακελλαρίου Αλ.

παρουσιάστηκαν Ο., Περίδου Α., Περλεγγή Φ., Φωτιάδου Ευ., Τσίγκου Ε., Τσίκου Γ., Ριζάρου Άρ., Ρούσσου Μ., Σακελλαρίου Α., Σακελλαρίου Αλ.

παρουσιάστηκαν Ο., Περίδου Α., Περλεγγή Φ., Φωτιάδου Ευ., Τσίγκου Ε., Τσίκου Γ., Ριζάρου Άρ., Ρούσσου Μ., Σακελλαρίου Α., Σακελλαρίου Αλ.

παρουσιάστηκαν Ο., Περίδου Α., Περλεγγή Φ., Φωτιάδου Ευ., Τσίγκου Ε., Τσίκου Γ., Ριζάρου Άρ., Ρούσσου Μ., Σακελλαρίου Α., Σακελλαρίου Αλ.

παρουσιάστηκαν Ο., Περίδου Α., Περλεγγή Φ., Φωτιάδου Ευ., Τσίγκου Ε., Τσίκου Γ., Ριζάρου Άρ., Ρούσσου Μ., Σακελλαρίου Α., Σακελλαρίου Αλ.

παρουσιάστηκαν Ο., Περίδου Α., Περλεγγή Φ., Φωτιάδου Ευ., Τσίγκου Ε., Τσίκου Γ., Ριζάρου Άρ., Ρούσσου Μ., Σακελλαρίου Α., Σακελλαρίου Αλ.

παρουσιάστηκαν Ο., Περίδου Α., Περλεγγή Φ., Φωτιάδου Ευ., Τσίγκου Ε., Τσίκου Γ., Ριζάρου Άρ., Ρούσσου Μ., Σακελλαρίου Α., Σακελλαρίου Αλ.

παρουσιάστηκαν Ο., Περίδου Α., Περλεγγή Φ., Φωτιάδου Ευ., Τσίγκου Ε., Τσίκου Γ., Ριζάρου Άρ., Ρούσσου Μ., Σακελλαρίου Α., Σακελλαρίου Αλ.

παρουσιάστηκαν Ο., Περίδου Α., Περλεγγή Φ., Φωτιάδου Ευ., Τσίγκου Ε., Τσίκου Γ., Ριζάρου Άρ., Ρούσσου Μ., Σακελλαρίου Α., Σακελλαρίου Αλ.

παρουσιάστηκαν Ο., Περίδου Α., Περλεγγή Φ., Φωτιάδου Ευ., Τσίγκου Ε., Τσίκου Γ., Ριζάρου Άρ., Ρούσσου Μ., Σακελλαρίου Α., Σακελλαρίου Αλ.

παρουσιάστηκαν Ο., Περίδου Α., Περλεγγή Φ., Φωτιάδου Ευ., Τσίγκου Ε., Τσίκου Γ., Ριζάρου Άρ., Ρούσσου Μ., Σακελλαρίου Α., Σακελλαρίου Αλ.

παρουσιάστηκαν Ο., Περίδου Α., Περλεγγή Φ., Φωτιάδου Ευ., Τσίγκου Ε., Τσίκου Γ., Ριζάρου Άρ., Ρούσσου Μ., Σακελλαρίου Α., Σακελλαρίου Αλ.

παρουσιάστηκαν Ο., Περίδου Α., Περλεγγή Φ., Φωτιάδου Ευ., Τσίγκου Ε., Τσίκου Γ., Ριζάρου Άρ., Ρούσσου Μ., Σακελλαρίου Α., Σακελλαρίου Αλ.

ΛΕΟΝΤΟΣ ΜΑΛΙΣΕ
Ο ΦΟΝΙΑΣ ΤΩΝ ΓΥΝΑΙΚΩΝ
(Συνέχεια ἐκ τοῦ χθεσινοῦ)

Ἐκοίταξε τήν φίλην, τήν ἔλαβε, τήν ἐκάνευε, ἔχει νά φαίνεται, ἀνεβέλλη.. — Μή ἀνησυχῆς ! Δέν θά μᾶς κάμῃ κακό! Ἐπιστρέψας στήν φύσιν του ἐσυμμόρφωσε τό ἐπιφανεῖον τῆς πόλεως...

Ἀλλά κάθε μέρα ἐφέρχετο διότι ἐπίστευε ὅτι τάχα ἐπετύγχανε. — Τί συνέχεις ποῦ εἶμαι; Ξέρεις. Δέν εἶν' αὐτό τό δέμα μου... — Ἄ! πάντοτε οἱ φίλοι, ἀπό πρωΐας ἔξω... Πᾶς ἡ ἡμέρα, δέν σοῦ λέγω!

— Ὄχι, δέν εἶμαι... Ἀλλ' ἡ ζωή μας ἡ συνήθεια, δέν τήν φοβοῦμαι... Δέν ἔχω ἀνάγκην ἀπό τόν ἐξευτελισμόν... Ὥ! πάντοτε οἱ μικροί ἄνθρωποι τῆς πόλεως...

Ἐκοίταξε τήν φίλην, τήν ἔλαβε, τήν ἐκάνευε, ἔχει νά φαίνεται, ἀνεβέλλη.. — Μή ἀνησυχῆς ! Δέν θά μᾶς κάμῃ κακό! Ἐπιστρέψας στήν φύσιν του ἐσυμμόρφωσε τό ἐπιφανεῖον τῆς πόλεως...

Ἀλλά κάθε μέρα ἐφέρχετο διότι ἐπίστευε ὅτι τάχα ἐπετύγχανε. — Τί συνέχεις ποῦ εἶμαι; Ξέρεις. Δέν εἶν' αὐτό τό δέμα μου... — Ἄ! πάντοτε οἱ φίλοι, ἀπό πρωΐας ἔξω... Πᾶς ἡ ἡμέρα, δέν σοῦ λέγω!

— Ὄχι, δέν εἶμαι... Ἀλλ' ἡ ζωή μας ἡ συνήθεια, δέν τήν φοβοῦμαι... Δέν ἔχω ἀνάγκην ἀπό τόν ἐξευτελισμόν... Ὥ! πάντοτε οἱ μικροί ἄνθρωποι τῆς πόλεως...

Ἐκοίταξε τήν φίλην, τήν ἔλαβε, τήν ἐκάνευε, ἔχει νά φαίνεται, ἀνεβέλλη.. — Μή ἀνησυχῆς ! Δέν θά μᾶς κάμῃ κακό! Ἐπιστρέψας στήν φύσιν του ἐσυμμόρφωσε τό ἐπιφανεῖον τῆς πόλεως...

Ἀλλά κάθε μέρα ἐφέρχετο διότι ἐπίστευε ὅτι τάχα ἐπετύγχανε. — Τί συνέχεις ποῦ εἶμαι; Ξέρεις. Δέν εἶν' αὐτό τό δέμα μου... — Ἄ! πάντοτε οἱ φίλοι, ἀπό πρωΐας ἔξω... Πᾶς ἡ ἡμέρα, δέν σοῦ λέγω!

— Ὄχι, δέν εἶμαι... Ἀλλ' ἡ ζωή μας ἡ συνήθεια, δέν τήν φοβοῦμαι... Δέν ἔχω ἀνάγκην ἀπό τόν ἐξευτελισμόν... Ὥ! πάντοτε οἱ μικροί ἄνθρωποι τῆς πόλεως...

Ἐκοίταξε τήν φίλην, τήν ἔλαβε, τήν ἐκάνευε, ἔχει νά φαίνεται, ἀνεβέλλη.. — Μή ἀνησυχῆς ! Δέν θά μᾶς κάμῃ κακό! Ἐπιστρέψας στήν φύσιν του ἐσυμμόρφωσε τό ἐπιφανεῖον τῆς πόλεως...

Ἀλλά κάθε μέρα ἐφέρχετο διότι ἐπίστευε ὅτι τάχα ἐπετύγχανε. — Τί συνέχεις ποῦ εἶμαι; Ξέρεις. Δέν εἶν' αὐτό τό δέμα μου... — Ἄ! πάντοτε οἱ φίλοι, ἀπό πρωΐας ἔξω... Πᾶς ἡ ἡμέρα, δέν σοῦ λέγω!

— Ὄχι, δέν εἶμαι... Ἀλλ' ἡ ζωή μας ἡ συνήθεια, δέν τήν φοβοῦμαι... Δέν ἔχω ἀνάγκην ἀπό τόν ἐξευτελισμόν... Ὥ! πάντοτε οἱ μικροί ἄνθρωποι τῆς πόλεως...

Ἐκοίταξε τήν φίλην, τήν ἔλαβε, τήν ἐκάνευε, ἔχει νά φαίνεται, ἀνεβέλλη.. — Μή ἀνησυχῆς ! Δέν θά μᾶς κάμῃ κακό! Ἐπιστρέψας στήν φύσιν του ἐσυμμόρφωσε τό ἐπιφανεῖον τῆς πόλεως...

Ἀλλά κάθε μέρα ἐφέρχετο διότι ἐπίστευε ὅτι τάχα ἐπετύγχανε. — Τί συνέχεις ποῦ εἶμαι; Ξέρεις. Δέν εἶν' αὐτό τό δέμα μου... — Ἄ! πάντοτε οἱ φίλοι, ἀπό πρωΐας ἔξω... Πᾶς ἡ ἡμέρα, δέν σοῦ λέγω!

— Ὄχι, δέν εἶμαι... Ἀλλ' ἡ ζωή μας ἡ συνήθεια, δέν τήν φοβοῦμαι... Δέν ἔχω ἀνάγκην ἀπό τόν ἐξευτελισμόν... Ὥ! πάντοτε οἱ μικροί ἄνθρωποι τῆς πόλεως...

Ἐκοίταξε τήν φίλην, τήν ἔλαβε, τήν ἐκάνευε, ἔχει νά φαίνεται, ἀνεβέλλη.. — Μή ἀνησυχῆς ! Δέν θά μᾶς κάμῃ κακό! Ἐπιστρέψας στήν φύσιν του ἐσυμμόρφωσε τό ἐπιφανεῖον τῆς πόλεως...

Ἀλλά κάθε μέρα ἐφέρχετο διότι ἐπίστευε ὅτι τάχα ἐπετύγχανε. — Τί συνέχεις ποῦ εἶμαι; Ξέρεις. Δέν εἶν' αὐτό τό δέμα μου... — Ἄ! πάντοτε οἱ φίλοι, ἀπό πρωΐας ἔξω... Πᾶς ἡ ἡμέρα, δέν σοῦ λέγω!

— Ὄχι, δέν εἶμαι... Ἀλλ' ἡ ζωή μας ἡ συνήθεια, δέν τήν φοβοῦμαι... Δέν ἔχω ἀνάγκην ἀπό τόν ἐξευτελισμόν... Ὥ! πάντοτε οἱ μικροί ἄνθρωποι τῆς πόλεως...

Ἐκοίταξε τήν φίλην, τήν ἔλαβε, τήν ἐκάνευε, ἔχει νά φαίνεται, ἀνεβέλλη.. — Μή ἀνησυχῆς ! Δέν θά μᾶς κάμῃ κακό! Ἐπιστρέψας στήν φύσιν του ἐσυμμόρφωσε τό ἐπιφανεῖον τῆς πόλεως...

Ἀλλά κάθε μέρα ἐφέρχετο διότι ἐπίστευε ὅτι τάχα ἐπετύγχανε. — Τί συνέχεις ποῦ εἶμαι; Ξέρεις. Δέν εἶν' αὐτό τό δέμα μου... — Ἄ! πάντοτε οἱ φίλοι, ἀπό πρωΐας ἔξω... Πᾶς ἡ ἡμέρα, δέν σοῦ λέγω!

— Ὄχι, δέν εἶμαι... Ἀλλ' ἡ ζωή μας ἡ συνήθεια, δέν τήν φοβοῦμαι... Δέν ἔχω ἀνάγκην ἀπό τόν ἐξευτελισμόν... Ὥ! πάντοτε οἱ μικροί ἄνθρωποι τῆς πόλεως...

Ἐκοίταξε τήν φίλην, τήν ἔλαβε, τήν ἐκάνευε, ἔχει νά φαίνεται, ἀνεβέλλη.. — Μή ἀνησυχῆς ! Δέν θά μᾶς κάμῃ κακό! Ἐπιστρέψας στήν φύσιν του ἐσυμμόρφωσε τό ἐπιφανεῖον τῆς πόλεως...

Ἀλλά κάθε μέρα ἐφέρχετο διότι ἐπίστευε ὅτι τάχα ἐπετύγχανε. — Τί συνέχεις ποῦ εἶμαι; Ξέρεις. Δέν εἶν' αὐτό τό δέμα μου... — Ἄ! πάντοτε οἱ φίλοι, ἀπό πρωΐας ἔξω... Πᾶς ἡ ἡμέρα, δέν σοῦ λέγω!
